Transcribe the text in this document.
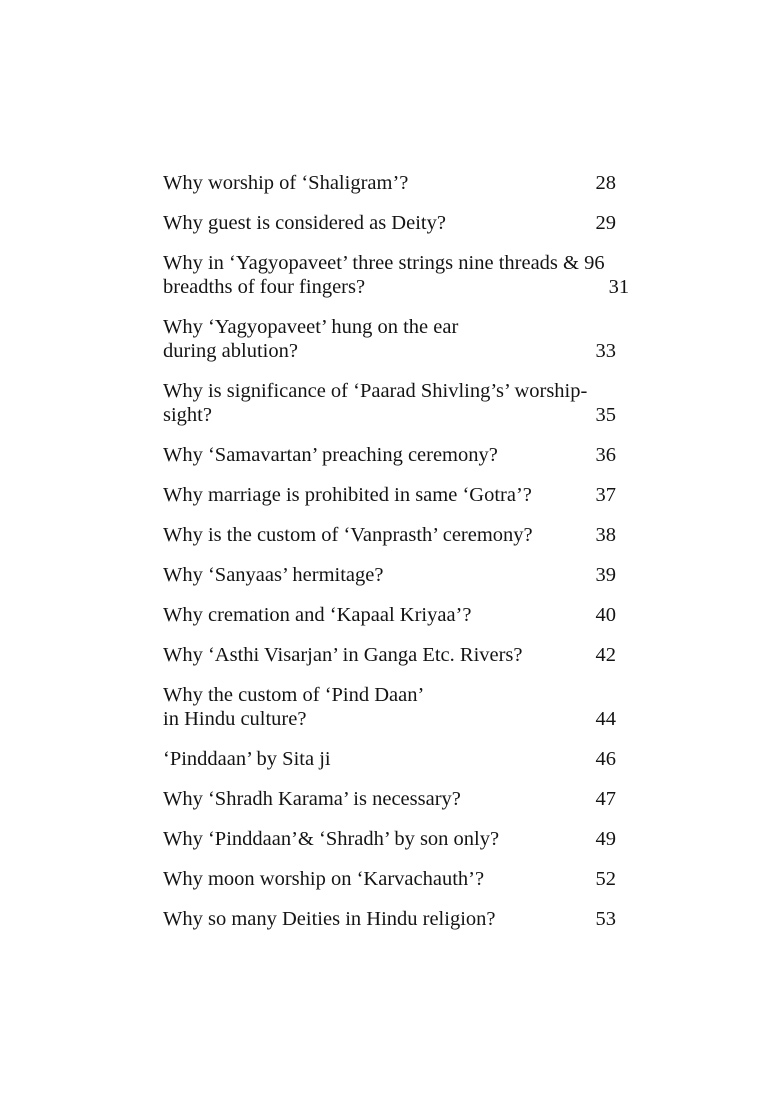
Why worship of ‘Shaligram’?	28
Why guest is considered as Deity?	29
Why in ‘Yagyopaveet’ three strings nine threads & 96
breadths of four fingers?	31
Why ‘Yagyopaveet’ hung on the ear
during ablution?	33
Why is significance of ‘Paarad Shivling’s’ worship-
sight?	35
Why ‘Samavartan’ preaching ceremony?	36
Why marriage is prohibited in same ‘Gotra’?	37
Why is the custom of ‘Vanprasth’ ceremony?	38
Why ‘Sanyaas’ hermitage?	39
Why cremation and ‘Kapaal Kriyaa’?	40
Why ‘Asthi Visarjan’ in Ganga Etc. Rivers?	42
Why the custom of ‘Pind Daan’
in Hindu culture?	44
‘Pinddaan’ by Sita ji	46
Why ‘Shradh Karama’ is necessary?	47
Why ‘Pinddaan’& ‘Shradh’ by son only?	49
Why moon worship on ‘Karvachauth’?	52
Why so many Deities in Hindu religion?	53
